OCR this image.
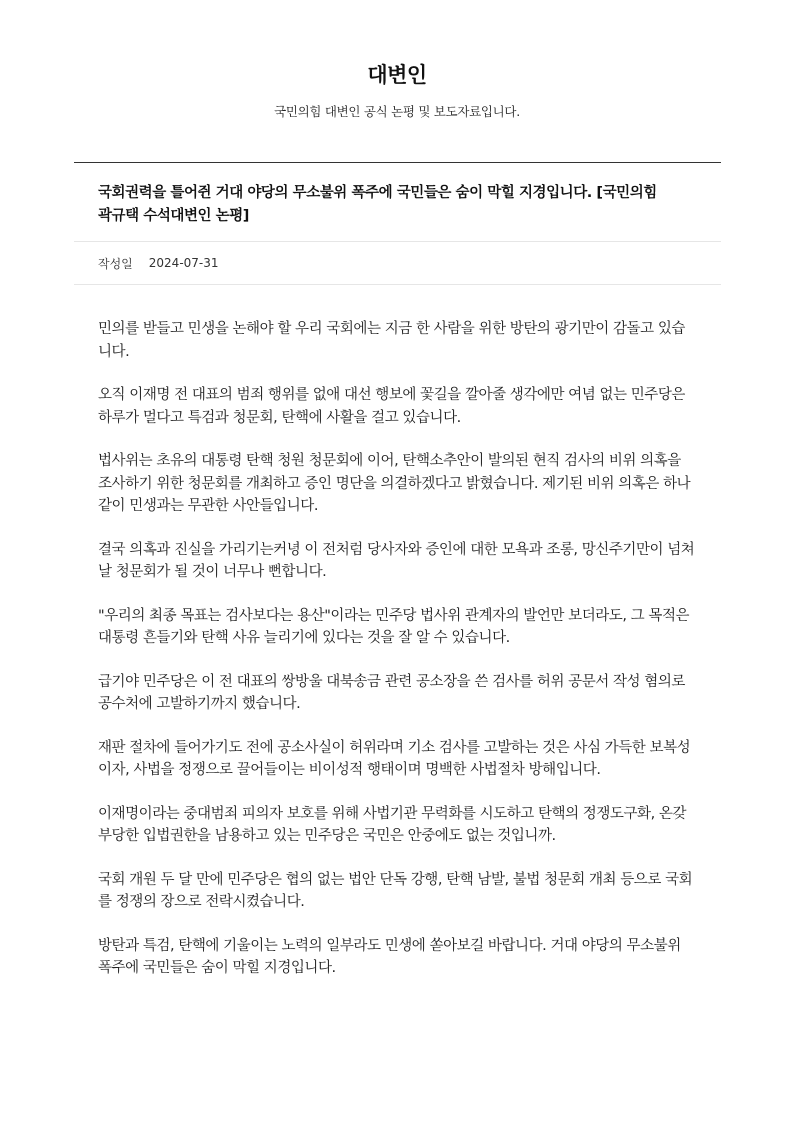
대변인
국민의힘 대변인 공식 논평 및 보도자료입니다.
국회권력을 틀어쥔 거대 야당의 무소불위 폭주에 국민들은 숨이 막힐 지경입니다. [국민의힘 곽규택 수석대변인 논평]
작성일 2024-07-31

민의를 받들고 민생을 논해야 할 우리 국회에는 지금 한 사람을 위한 방탄의 광기만이 감돌고 있습니다.

오직 이재명 전 대표의 범죄 행위를 없애 대선 행보에 꽃길을 깔아줄 생각에만 여념 없는 민주당은 하루가 멀다고 특검과 청문회, 탄핵에 사활을 걸고 있습니다.

법사위는 초유의 대통령 탄핵 청원 청문회에 이어, 탄핵소추안이 발의된 현직 검사의 비위 의혹을 조사하기 위한 청문회를 개최하고 증인 명단을 의결하겠다고 밝혔습니다. 제기된 비위 의혹은 하나같이 민생과는 무관한 사안들입니다.

결국 의혹과 진실을 가리기는커녕 이 전처럼 당사자와 증인에 대한 모욕과 조롱, 망신주기만이 넘쳐날 청문회가 될 것이 너무나 뻔합니다.

"우리의 최종 목표는 검사보다는 용산"이라는 민주당 법사위 관계자의 발언만 보더라도, 그 목적은 대통령 흔들기와 탄핵 사유 늘리기에 있다는 것을 잘 알 수 있습니다.

급기야 민주당은 이 전 대표의 쌍방울 대북송금 관련 공소장을 쓴 검사를 허위 공문서 작성 혐의로 공수처에 고발하기까지 했습니다.

재판 절차에 들어가기도 전에 공소사실이 허위라며 기소 검사를 고발하는 것은 사심 가득한 보복성이자, 사법을 정쟁으로 끌어들이는 비이성적 행태이며 명백한 사법절차 방해입니다.

이재명이라는 중대범죄 피의자 보호를 위해 사법기관 무력화를 시도하고 탄핵의 정쟁도구화, 온갖 부당한 입법권한을 남용하고 있는 민주당은 국민은 안중에도 없는 것입니까.

국회 개원 두 달 만에 민주당은 협의 없는 법안 단독 강행, 탄핵 남발, 불법 청문회 개최 등으로 국회를 정쟁의 장으로 전락시켰습니다.

방탄과 특검, 탄핵에 기울이는 노력의 일부라도 민생에 쏟아보길 바랍니다. 거대 야당의 무소불위 폭주에 국민들은 숨이 막힐 지경입니다.
